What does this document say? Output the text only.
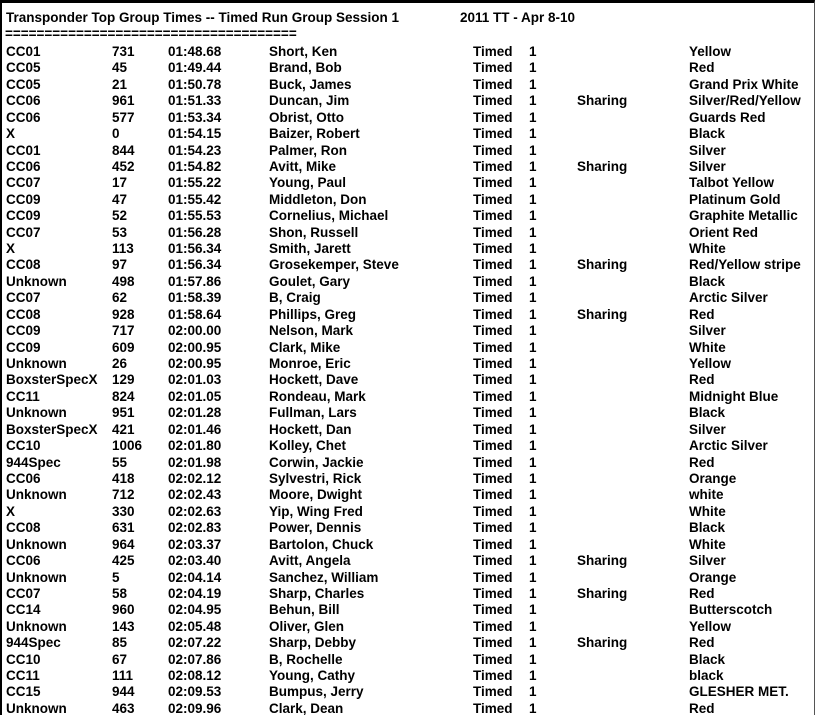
Transponder Top Group Times -- Timed Run Group Session 1	2011 TT - Apr 8-10
=====================================
CC01	731 01:48.68	Short, Ken	Timed 1	Yellow
CC05	45	01:49.44	Brand, Bob	Timed 1	Red
CC05	21	01:50.78	Buck, James	Timed 1	Grand Prix White
CC06	961 01:51.33	Duncan, Jim	Timed 1	Sharing	Silver/Red/Yellow
CC06	577 01:53.34	Obrist, Otto	Timed 1	Guards Red
X	0	01:54.15	Baizer, Robert	Timed 1	Black
CC01	844 01:54.23	Palmer, Ron	Timed 1	Silver
CC06	452 01:54.82	Avitt, Mike	Timed 1	Sharing	Silver
CC07	17	01:55.22	Young, Paul	Timed 1	Talbot Yellow
CC09	47	01:55.42	Middleton, Don	Timed 1	Platinum Gold
CC09	52	01:55.53	Cornelius, Michael	Timed 1	Graphite Metallic
CC07	53	01:56.28	Shon, Russell	Timed 1	Orient Red
X	113	01:56.34	Smith, Jarett	Timed 1	White
CC08	97	01:56.34	Grosekemper, Steve	Timed 1	Sharing	Red/Yellow stripe
Unknown	498 01:57.86	Goulet, Gary	Timed 1	Black
CC07	62	01:58.39	B, Craig	Timed 1	Arctic Silver
CC08	928 01:58.64	Phillips, Greg	Timed 1	Sharing	Red
CC09	717 02:00.00	Nelson, Mark	Timed 1	Silver
CC09	609 02:00.95	Clark, Mike	Timed 1	White
Unknown	26	02:00.95	Monroe, Eric	Timed 1	Yellow
BoxsterSpecX 129 02:01.03	Hockett, Dave	Timed 1	Red
CC11	824 02:01.05	Rondeau, Mark	Timed 1	Midnight Blue
Unknown	951 02:01.28	Fullman, Lars	Timed 1	Black
BoxsterSpecX 421 02:01.46	Hockett, Dan	Timed 1	Silver
CC10	1006 02:01.80	Kolley, Chet	Timed 1	Arctic Silver
944Spec	55	02:01.98	Corwin, Jackie	Timed 1	Red
CC06	418 02:02.12	Sylvestri, Rick	Timed 1	Orange
Unknown	712 02:02.43	Moore, Dwight	Timed 1	white
X	330 02:02.63	Yip, Wing Fred	Timed 1	White
CC08	631 02:02.83	Power, Dennis	Timed 1	Black
Unknown	964 02:03.37	Bartolon, Chuck	Timed 1	White
CC06	425 02:03.40	Avitt, Angela	Timed 1	Sharing	Silver
Unknown	5	02:04.14	Sanchez, William	Timed 1	Orange
CC07	58	02:04.19	Sharp, Charles	Timed 1	Sharing	Red
CC14	960 02:04.95	Behun, Bill	Timed 1	Butterscotch
Unknown	143 02:05.48	Oliver, Glen	Timed 1	Yellow
944Spec	85	02:07.22	Sharp, Debby	Timed 1	Sharing	Red
CC10	67	02:07.86	B, Rochelle	Timed 1	Black
CC11	111	02:08.12	Young, Cathy	Timed 1	black
CC15	944 02:09.53	Bumpus, Jerry	Timed 1	GLESHER MET.
Unknown	463 02:09.96	Clark, Dean	Timed 1	Red
